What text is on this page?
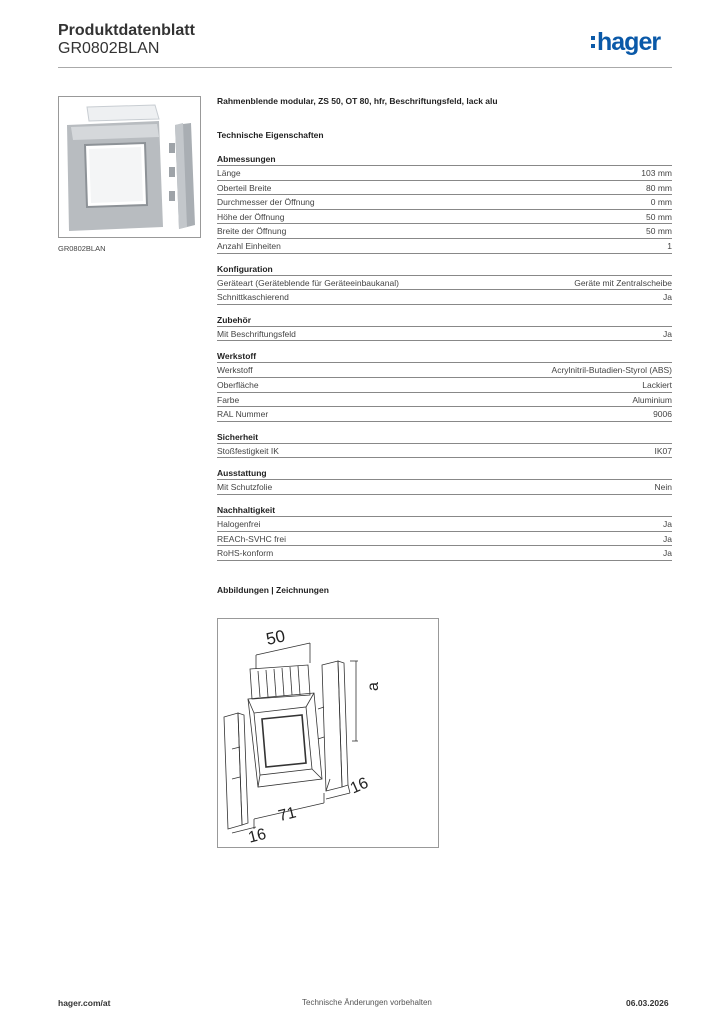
Produktdatenblatt
GR0802BLAN	hager
GR0802BLAN
Rahmenblende modular, ZS 50, OT 80, hfr, Beschriftungsfeld, lack alu
Technische Eigenschaften
Abmessungen
Länge	103 mm
Oberteil Breite	80 mm
Durchmesser der Öffnung	0 mm
Höhe der Öffnung	50 mm
Breite der Öffnung	50 mm
Anzahl Einheiten	1
Konfiguration
Geräteart (Geräteblende für Geräteeinbaukanal)	Geräte mit Zentralscheibe
Schnittkaschierend	Ja
Zubehör
Mit Beschriftungsfeld	Ja
Werkstoff
Werkstoff	Acrylnitril-Butadien-Styrol (ABS)
Oberfläche	Lackiert
Farbe	Aluminium
RAL Nummer	9006
Sicherheit
Stoßfestigkeit IK	IK07
Ausstattung
Mit Schutzfolie	Nein
Nachhaltigkeit
Halogenfrei	Ja
REACh-SVHC frei	Ja
RoHS-konform	Ja
Abbildungen | Zeichnungen
50
a
16
71
16
hager.com/at	Technische Änderungen vorbehalten	06.03.2026
